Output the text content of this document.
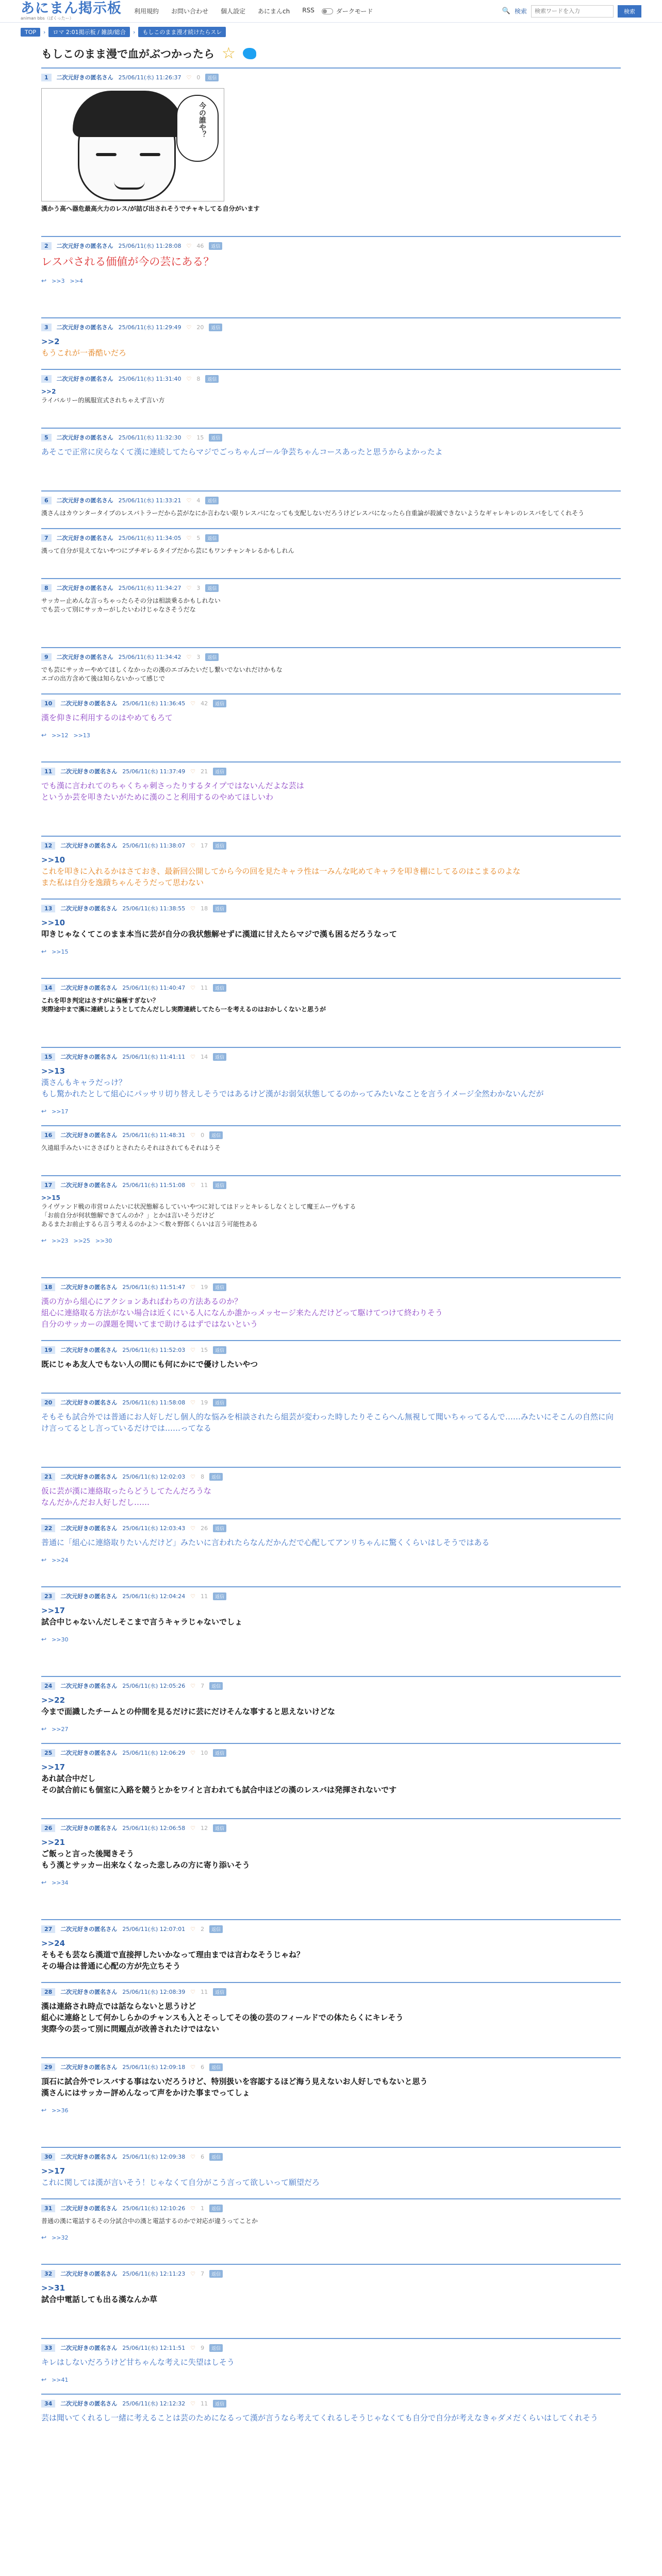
あにまん掲示板
animan bbs（ぱくったー）
利用規約 お問い合わせ 個人設定 あにまんch RSS	ダークモード	🔍 検索
検索ワードを入力	検索
TOP	›	ロマ 2:01掲示板 / 雑談/総合	›	もしこのまま漫才続けたらスレ
もしこのまま漫で血がぶつかったら ☆
1	二次元好きの匿名さん 25/06/11(水) 11:26:37 ♡ 0	返信
今の誰や？
漢かう高へ器危最高火力のレス/が詰び出されそうでチャキしてる自分がいます
2	二次元好きの匿名さん 25/06/11(水) 11:28:08 ♡ 46	返信
レスパされる価値が今の芸にある？
↩ >>3 >>4
3	二次元好きの匿名さん 25/06/11(水) 11:29:49 ♡ 20	返信
>>2
もうこれが一番酷いだろ
4	二次元好きの匿名さん 25/06/11(水) 11:31:40 ♡ 8	返信
>>2
ライバルリー的風服宣式されちゃえず言い方
5	二次元好きの匿名さん 25/06/11(水) 11:32:30 ♡ 15	返信
あそこで正常に戻らなくて漢に連続してたらマジでごっちゃんゴール争芸ちゃんコースあったと思うからよかったよ
6	二次元好きの匿名さん 25/06/11(水) 11:33:21 ♡ 4	返信
漢さんはカウンタータイプのレスバトラーだから芸がなにか言わない限りレスバになっても支配しないだろうけどレスバになったら自重論が殺滅できないようなギャレキレのレスバをしてくれそう
7	二次元好きの匿名さん 25/06/11(水) 11:34:05 ♡ 5	返信
漢って自分が見えてないやつにブチギレるタイプだから芸にもワンチャンキレるかもしれん
8	二次元好きの匿名さん 25/06/11(水) 11:34:27 ♡ 3	返信
サッカー止めんな言っちゃったらその分は相談乗るかもしれない
でも芸って別にサッカーがしたいわけじゃなさそうだな
9	二次元好きの匿名さん 25/06/11(水) 11:34:42 ♡ 3	返信
でも芸にサッカーやめてほしくなかったの漢のエゴみたいだし繋いでないれだけかもな
エゴの出方含めて後は知らないかって感じで
10	二次元好きの匿名さん 25/06/11(水) 11:36:45 ♡ 42	返信
漢を仰きに利用するのはやめてもろて
↩ >>12 >>13
11	二次元好きの匿名さん 25/06/11(水) 11:37:49 ♡ 21	返信
でも漢に言われてのちゃくちゃ刺さったりするタイプではないんだよな芸は
というか芸を叩きたいがために漢のこと利用するのやめてほしいわ
12	二次元好きの匿名さん 25/06/11(水) 11:38:07 ♡ 17	返信
>>10
これを叩きに入れるかはさておき、最新回公開してから今の回を見たキャラ性は一みんな叱めてキャラを叩き棚にしてるのはこまるのよな
また私は自分を逸蹟ちゃんそうだって思わない
13	二次元好きの匿名さん 25/06/11(水) 11:38:55 ♡ 18	返信
>>10
叩きじゃなくてこのまま本当に芸が自分の我状態解せずに漢道に甘えたらマジで漢も困るだろうなって
↩ >>15
14	二次元好きの匿名さん 25/06/11(水) 11:40:47 ♡ 11	返信
これを叩き判定はさすがに偏極すぎない？
実際途中まで漢に連続しようとしてたんだしし実際連続してたら一を考えるのはおかしくないと思うが
15	二次元好きの匿名さん 25/06/11(水) 11:41:11 ♡ 14	返信
>>13
漢さんもキャラだっけ？
もし驚かれたとして組心にパッサリ切り替えしそうではあるけど漢がお弱気状態してるのかってみたいなことを言うイメージ全然わかないんだが
↩ >>17
16	二次元好きの匿名さん 25/06/11(水) 11:48:31 ♡ 0	返信
久遠組手みたいにささばりとされたらそれはされてもそれはうそ
17	二次元好きの匿名さん 25/06/11(水) 11:51:08 ♡ 11	返信
>>15
ライヴァンド戦の市営ロムたいに状況態解るしていいやつに対してはドッとキレるしなくとして魔王ムーヴもする
「お前自分が何状態解できてんのか？」とかは言いそうだけど
あるまたお前止するら言う考えるのかよ＞＜数々野郎くらいは言う可能性ある
↩ >>23 >>25 >>30
18	二次元好きの匿名さん 25/06/11(水) 11:51:47 ♡ 19	返信
漢の方から組心にアクションあればわちの方法あるのか？
組心に連絡取る方法がない場合は近くにいる人になんか誰かっメッセージ来たんだけどって駆けてつけて終わりそう
自分のサッカーの課題を聞いてまで助けるはずではないという
19	二次元好きの匿名さん 25/06/11(水) 11:52:03 ♡ 15	返信
既にじゃあ友人でもない人の間にも何にかにで優けしたいやつ
20	二次元好きの匿名さん 25/06/11(水) 11:58:08 ♡ 19	返信
そもそも試合外では普通にお人好しだし個人的な悩みを相談されたら組芸が変わった時したりそこらへん無視して聞いちゃってるんで……みたいにそこんの自然に向け言ってるとし言っているだけでは……ってなる
21	二次元好きの匿名さん 25/06/11(水) 12:02:03 ♡ 8	返信
仮に芸が漢に連絡取ったらどうしてたんだろうな
なんだかんだお人好しだし……
22	二次元好きの匿名さん 25/06/11(水) 12:03:43 ♡ 26	返信
普通に「組心に連絡取りたいんだけど」みたいに言われたらなんだかんだで心配してアンリちゃんに驚くくらいはしそうではある
↩ >>24
23	二次元好きの匿名さん 25/06/11(水) 12:04:24 ♡ 11	返信
>>17
試合中じゃないんだしそこまで言うキャラじゃないでしょ
↩ >>30
24	二次元好きの匿名さん 25/06/11(水) 12:05:26 ♡ 7	返信
>>22
今まで面識したチームとの仲間を見るだけに芸にだけそんな事すると思えないけどな
↩ >>27
25	二次元好きの匿名さん 25/06/11(水) 12:06:29 ♡ 10	返信
>>17
あれ試合中だし
その試合前にも個室に入路を競うとかをワイと言われても試合中ほどの漢のレスバは発揮されないです
26	二次元好きの匿名さん 25/06/11(水) 12:06:58 ♡ 12	返信
>>21
ご飯っと言った後聞きそう
もう漢とサッカー出来なくなった悲しみの方に寄り添いそう
↩ >>34
27	二次元好きの匿名さん 25/06/11(水) 12:07:01 ♡ 2	返信
>>24
そもそも芸なら漢道で直接押したいかなって理由までは言わなそうじゃね？
その場合は普通に心配の方が先立ちそう
28	二次元好きの匿名さん 25/06/11(水) 12:08:39 ♡ 11	返信
漢は連絡され時点では話ならないと思うけど
組心に連絡として何かしらかのチャンスも入とそっしてその後の芸のフィールドでの体たらくにキレそう
実際今の芸って別に問題点が改善されたけではない
29	二次元好きの匿名さん 25/06/11(水) 12:09:18 ♡ 6	返信
頂石に試合外でレスバする事はないだろうけど、特別扱いを容認するほど海う見えないお人好しでもないと思う
漢さんにはサッカー評めんなって声をかけた事までってしょ
↩ >>36
30	二次元好きの匿名さん 25/06/11(水) 12:09:38 ♡ 6	返信
>>17
これに関しては漢が言いそう！じゃなくて自分がこう言って欲しいって願望だろ
31	二次元好きの匿名さん 25/06/11(水) 12:10:26 ♡ 1	返信
普通の漢に電話するその分試合中の漢と電話するのかで対応が違うってことか
↩ >>32
32	二次元好きの匿名さん 25/06/11(水) 12:11:23 ♡ 7	返信
>>31
試合中電話しても出る漢なんか草
33	二次元好きの匿名さん 25/06/11(水) 12:11:51 ♡ 9	返信
キレはしないだろうけど甘ちゃんな考えに失望はしそう
↩ >>41
34	二次元好きの匿名さん 25/06/11(水) 12:12:32 ♡ 11	返信
芸は聞いてくれるし一緒に考えることは芸のためになるって漢が言うなら考えてくれるしそうじゃなくても自分で自分が考えなきゃダメだくらいはしてくれそう
